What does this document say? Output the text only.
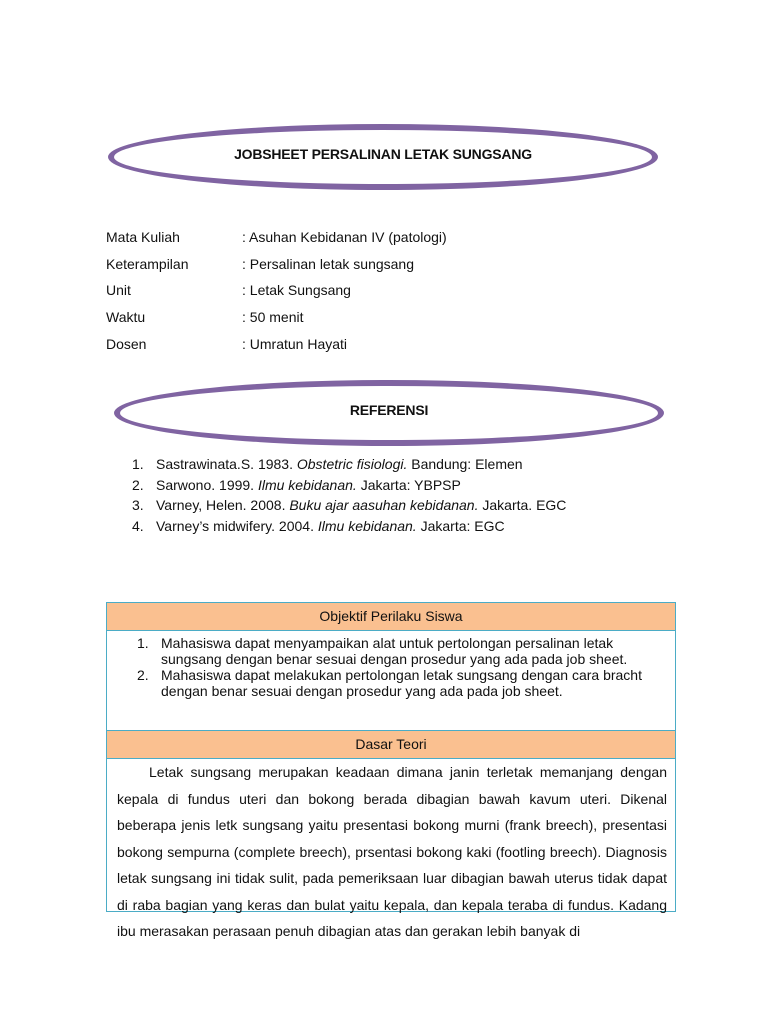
JOBSHEET PERSALINAN LETAK SUNGSANG
Mata Kuliah	: Asuhan Kebidanan IV (patologi)
Keterampilan	: Persalinan letak sungsang
Unit	: Letak Sungsang
Waktu	: 50 menit
Dosen	: Umratun Hayati
REFERENSI
1. Sastrawinata.S. 1983. Obstetric fisiologi. Bandung: Elemen
2. Sarwono. 1999. Ilmu kebidanan. Jakarta: YBPSP
3. Varney, Helen. 2008. Buku ajar aasuhan kebidanan. Jakarta. EGC
4. Varney’s midwifery. 2004. Ilmu kebidanan. Jakarta: EGC
Objektif Perilaku Siswa
1. Mahasiswa dapat menyampaikan alat untuk pertolongan persalinan letak sungsang dengan benar sesuai dengan prosedur yang ada pada job sheet.
2. Mahasiswa dapat melakukan pertolongan letak sungsang dengan cara bracht dengan benar sesuai dengan prosedur yang ada pada job sheet.
Dasar Teori
Letak sungsang merupakan keadaan dimana janin terletak memanjang dengan kepala di fundus uteri dan bokong berada dibagian bawah kavum uteri. Dikenal beberapa jenis letk sungsang yaitu presentasi bokong murni (frank breech), presentasi bokong sempurna (complete breech), prsentasi bokong kaki (footling breech). Diagnosis letak sungsang ini tidak sulit, pada pemeriksaan luar dibagian bawah uterus tidak dapat di raba bagian yang keras dan bulat yaitu kepala, dan kepala teraba di fundus. Kadang ibu merasakan perasaan penuh dibagian atas dan gerakan lebih banyak di
